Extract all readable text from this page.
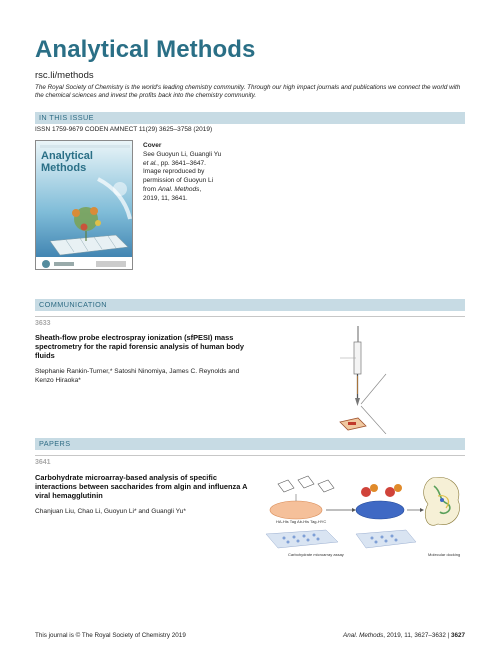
Analytical Methods
rsc.li/methods
The Royal Society of Chemistry is the world's leading chemistry community. Through our high impact journals and publications we connect the world with the chemical sciences and invest the profits back into the chemistry community.
IN THIS ISSUE
ISSN 1759-9679 CODEN AMNECT 11(29) 3625–3758 (2019)
Analytical
Methods
Cover
See Guoyun Li, Guangli Yu
et al., pp. 3641–3647.
Image reproduced by
permission of Guoyun Li
from Anal. Methods,
2019, 11, 3641.
COMMUNICATION
3633
Sheath-flow probe electrospray ionization (sfPESI) mass spectrometry for the rapid forensic analysis of human body fluids
Stephanie Rankin-Turner,* Satoshi Ninomiya, James C. Reynolds and Kenzo Hiraoka*
PAPERS
3641
Carbohydrate microarray-based analysis of specific interactions between saccharides from algin and influenza A viral hemagglutinin
Chanjuan Liu, Chao Li, Guoyun Li* and Guangli Yu*
HA-His Tag Ab-His Tag-HYC
Carbohydrate microarray assay	Molecular docking
This journal is © The Royal Society of Chemistry 2019	Anal. Methods, 2019, 11, 3627–3632 | 3627
